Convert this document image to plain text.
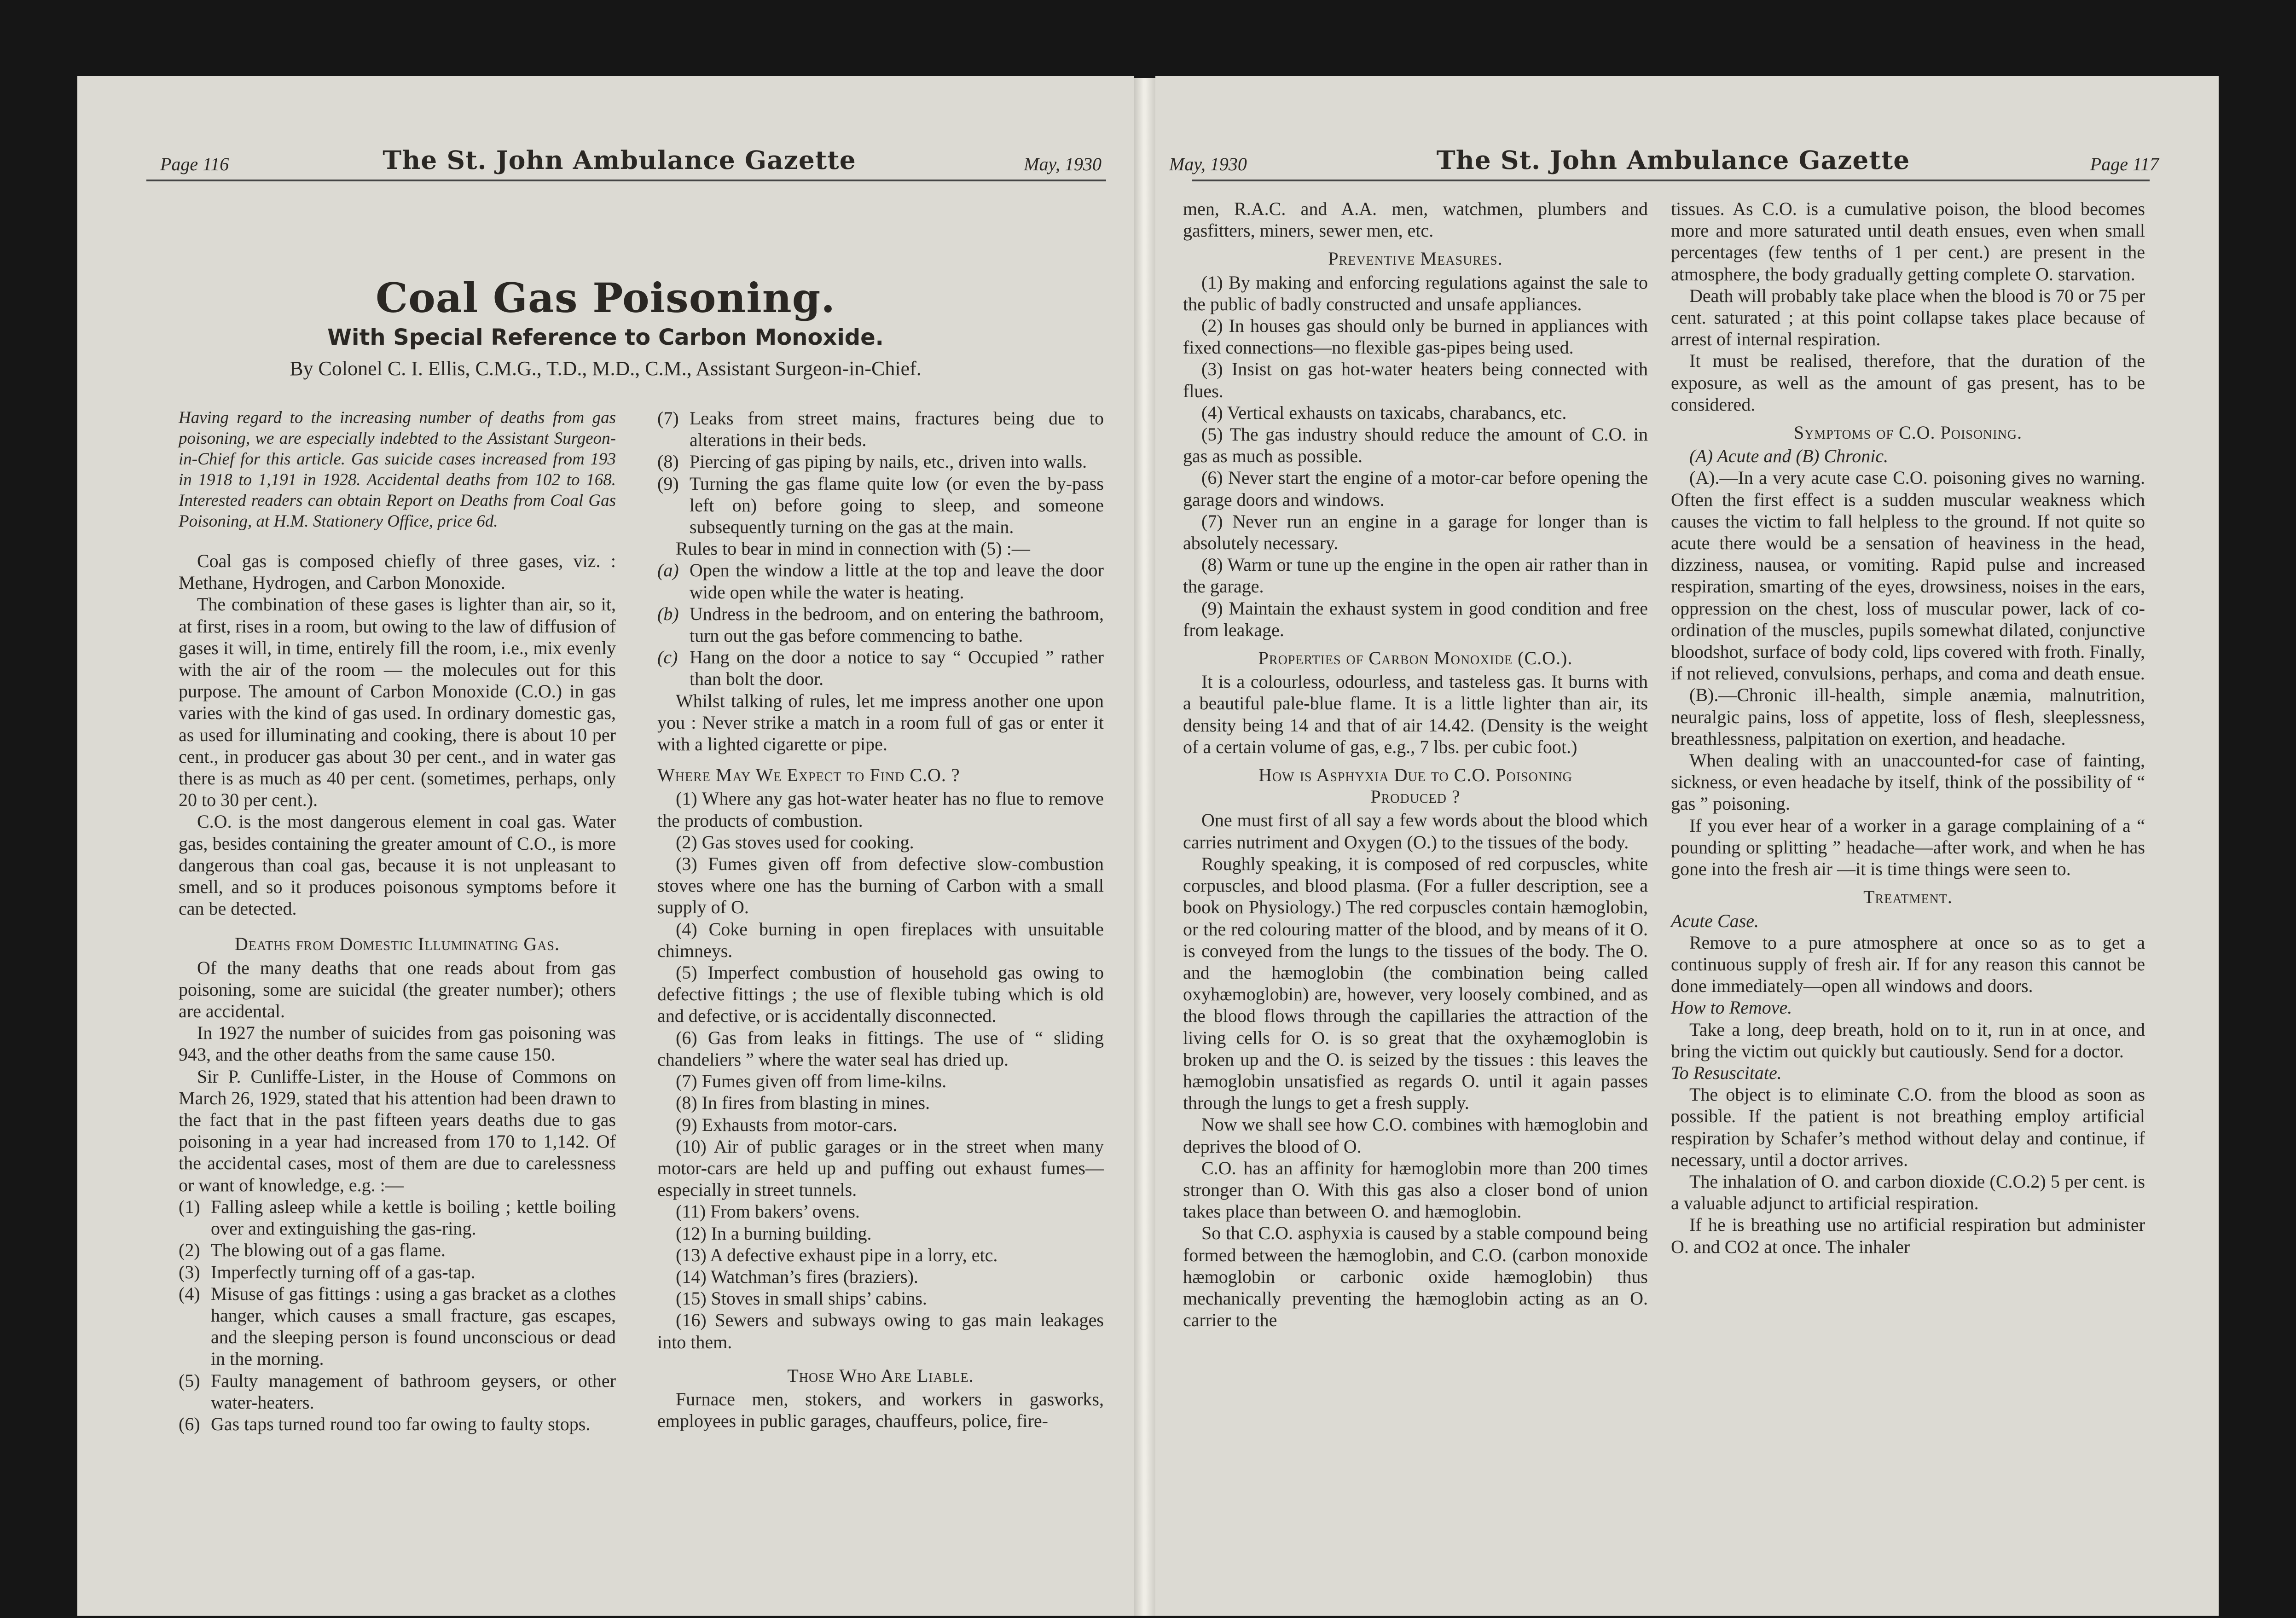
Page 116	The St. John Ambulance Gazette	May, 1930
Coal Gas Poisoning.
With Special Reference to Carbon Monoxide.
By Colonel C. I. Ellis, C.M.G., T.D., M.D., C.M., Assistant Surgeon-in-Chief.

Having regard to the increasing number of deaths from gas poisoning, we are especially indebted to the Assistant Surgeon-in-Chief for this article. Gas suicide cases increased from 193 in 1918 to 1,191 in 1928. Accidental deaths from 102 to 168. Interested readers can obtain Report on Deaths from Coal Gas Poisoning, at H.M. Stationery Office, price 6d.

Coal gas is composed chiefly of three gases, viz. : Methane, Hydrogen, and Carbon Monoxide.

The combination of these gases is lighter than air, so it, at first, rises in a room, but owing to the law of diffusion of gases it will, in time, entirely fill the room, i.e., mix evenly with the air of the room — the molecules out for this purpose. The amount of Carbon Monoxide (C.O.) in gas varies with the kind of gas used. In ordinary domestic gas, as used for illuminating and cooking, there is about 10 per cent., in producer gas about 30 per cent., and in water gas there is as much as 40 per cent. (sometimes, perhaps, only 20 to 30 per cent.).

C.O. is the most dangerous element in coal gas. Water gas, besides containing the greater amount of C.O., is more dangerous than coal gas, because it is not unpleasant to smell, and so it produces poisonous symptoms before it can be detected.

Deaths from Domestic Illuminating Gas.

Of the many deaths that one reads about from gas poisoning, some are suicidal (the greater number); others are accidental.

In 1927 the number of suicides from gas poisoning was 943, and the other deaths from the same cause 150.

Sir P. Cunliffe-Lister, in the House of Commons on March 26, 1929, stated that his attention had been drawn to the fact that in the past fifteen years deaths due to gas poisoning in a year had increased from 170 to 1,142. Of the accidental cases, most of them are due to carelessness or want of knowledge, e.g. :—

(1) Falling asleep while a kettle is boiling ; kettle boiling over and extinguishing the gas-ring.

(2) The blowing out of a gas flame.

(3) Imperfectly turning off of a gas-tap.

(4) Misuse of gas fittings : using a gas bracket as a clothes hanger, which causes a small fracture, gas escapes, and the sleeping person is found unconscious or dead in the morning.

(5) Faulty management of bathroom geysers, or other water-heaters.

(6) Gas taps turned round too far owing to faulty stops.

(7) Leaks from street mains, fractures being due to alterations in their beds.

(8) Piercing of gas piping by nails, etc., driven into walls.

(9) Turning the gas flame quite low (or even the by-pass left on) before going to sleep, and someone subsequently turning on the gas at the main.

Rules to bear in mind in connection with (5) :—

(a) Open the window a little at the top and leave the door wide open while the water is heating.

(b) Undress in the bedroom, and on entering the bathroom, turn out the gas before commencing to bathe.

(c) Hang on the door a notice to say “ Occupied ” rather than bolt the door.

Whilst talking of rules, let me impress another one upon you : Never strike a match in a room full of gas or enter it with a lighted cigarette or pipe.

Where May We Expect to Find C.O. ?

(1) Where any gas hot-water heater has no flue to remove the products of combustion.

(2) Gas stoves used for cooking.

(3) Fumes given off from defective slow-combustion stoves where one has the burning of Carbon with a small supply of O.

(4) Coke burning in open fireplaces with unsuitable chimneys.

(5) Imperfect combustion of household gas owing to defective fittings ; the use of flexible tubing which is old and defective, or is accidentally disconnected.

(6) Gas from leaks in fittings. The use of “ sliding chandeliers ” where the water seal has dried up.

(7) Fumes given off from lime-kilns.

(8) In fires from blasting in mines.

(9) Exhausts from motor-cars.

(10) Air of public garages or in the street when many motor-cars are held up and puffing out exhaust fumes—especially in street tunnels.

(11) From bakers’ ovens.

(12) In a burning building.

(13) A defective exhaust pipe in a lorry, etc.

(14) Watchman’s fires (braziers).

(15) Stoves in small ships’ cabins.

(16) Sewers and subways owing to gas main leakages into them.

Those Who Are Liable.

Furnace men, stokers, and workers in gasworks, employees in public garages, chauffeurs, police, fire-

May, 1930	The St. John Ambulance Gazette	Page 117

men, R.A.C. and A.A. men, watchmen, plumbers and gasfitters, miners, sewer men, etc.

Preventive Measures.

(1) By making and enforcing regulations against the sale to the public of badly constructed and unsafe appliances.

(2) In houses gas should only be burned in appliances with fixed connections—no flexible gas-pipes being used.

(3) Insist on gas hot-water heaters being connected with flues.

(4) Vertical exhausts on taxicabs, charabancs, etc.

(5) The gas industry should reduce the amount of C.O. in gas as much as possible.

(6) Never start the engine of a motor-car before opening the garage doors and windows.

(7) Never run an engine in a garage for longer than is absolutely necessary.

(8) Warm or tune up the engine in the open air rather than in the garage.

(9) Maintain the exhaust system in good condition and free from leakage.

Properties of Carbon Monoxide (C.O.).

It is a colourless, odourless, and tasteless gas. It burns with a beautiful pale-blue flame. It is a little lighter than air, its density being 14 and that of air 14.42. (Density is the weight of a certain volume of gas, e.g., 7 lbs. per cubic foot.)

How is Asphyxia Due to C.O. Poisoning
Produced ?

One must first of all say a few words about the blood which carries nutriment and Oxygen (O.) to the tissues of the body.

Roughly speaking, it is composed of red corpuscles, white corpuscles, and blood plasma. (For a fuller description, see a book on Physiology.) The red corpuscles contain hæmoglobin, or the red colouring matter of the blood, and by means of it O. is conveyed from the lungs to the tissues of the body. The O. and the hæmoglobin (the combination being called oxyhæmoglobin) are, however, very loosely combined, and as the blood flows through the capillaries the attraction of the living cells for O. is so great that the oxyhæmoglobin is broken up and the O. is seized by the tissues : this leaves the hæmoglobin unsatisfied as regards O. until it again passes through the lungs to get a fresh supply.

Now we shall see how C.O. combines with hæmoglobin and deprives the blood of O.

C.O. has an affinity for hæmoglobin more than 200 times stronger than O. With this gas also a closer bond of union takes place than between O. and hæmoglobin.

So that C.O. asphyxia is caused by a stable compound being formed between the hæmoglobin, and C.O. (carbon monoxide hæmoglobin or carbonic oxide hæmoglobin) thus mechanically preventing the hæmoglobin acting as an O. carrier to the

tissues. As C.O. is a cumulative poison, the blood becomes more and more saturated until death ensues, even when small percentages (few tenths of 1 per cent.) are present in the atmosphere, the body gradually getting complete O. starvation.

Death will probably take place when the blood is 70 or 75 per cent. saturated ; at this point collapse takes place because of arrest of internal respiration.

It must be realised, therefore, that the duration of the exposure, as well as the amount of gas present, has to be considered.

Symptoms of C.O. Poisoning.

(A) Acute and (B) Chronic.

(A).—In a very acute case C.O. poisoning gives no warning. Often the first effect is a sudden muscular weakness which causes the victim to fall helpless to the ground. If not quite so acute there would be a sensation of heaviness in the head, dizziness, nausea, or vomiting. Rapid pulse and increased respiration, smarting of the eyes, drowsiness, noises in the ears, oppression on the chest, loss of muscular power, lack of co-ordination of the muscles, pupils somewhat dilated, conjunctive bloodshot, surface of body cold, lips covered with froth. Finally, if not relieved, convulsions, perhaps, and coma and death ensue.

(B).—Chronic ill-health, simple anæmia, malnutrition, neuralgic pains, loss of appetite, loss of flesh, sleeplessness, breathlessness, palpitation on exertion, and headache.

When dealing with an unaccounted-for case of fainting, sickness, or even headache by itself, think of the possibility of “ gas ” poisoning.

If you ever hear of a worker in a garage complaining of a “ pounding or splitting ” headache—after work, and when he has gone into the fresh air —it is time things were seen to.

Treatment.

Acute Case.

Remove to a pure atmosphere at once so as to get a continuous supply of fresh air. If for any reason this cannot be done immediately—open all windows and doors.

How to Remove.

Take a long, deep breath, hold on to it, run in at once, and bring the victim out quickly but cautiously. Send for a doctor.

To Resuscitate.

The object is to eliminate C.O. from the blood as soon as possible. If the patient is not breathing employ artificial respiration by Schafer’s method without delay and continue, if necessary, until a doctor arrives.

The inhalation of O. and carbon dioxide (C.O.2) 5 per cent. is a valuable adjunct to artificial respiration.

If he is breathing use no artificial respiration but administer O. and CO2 at once. The inhaler
